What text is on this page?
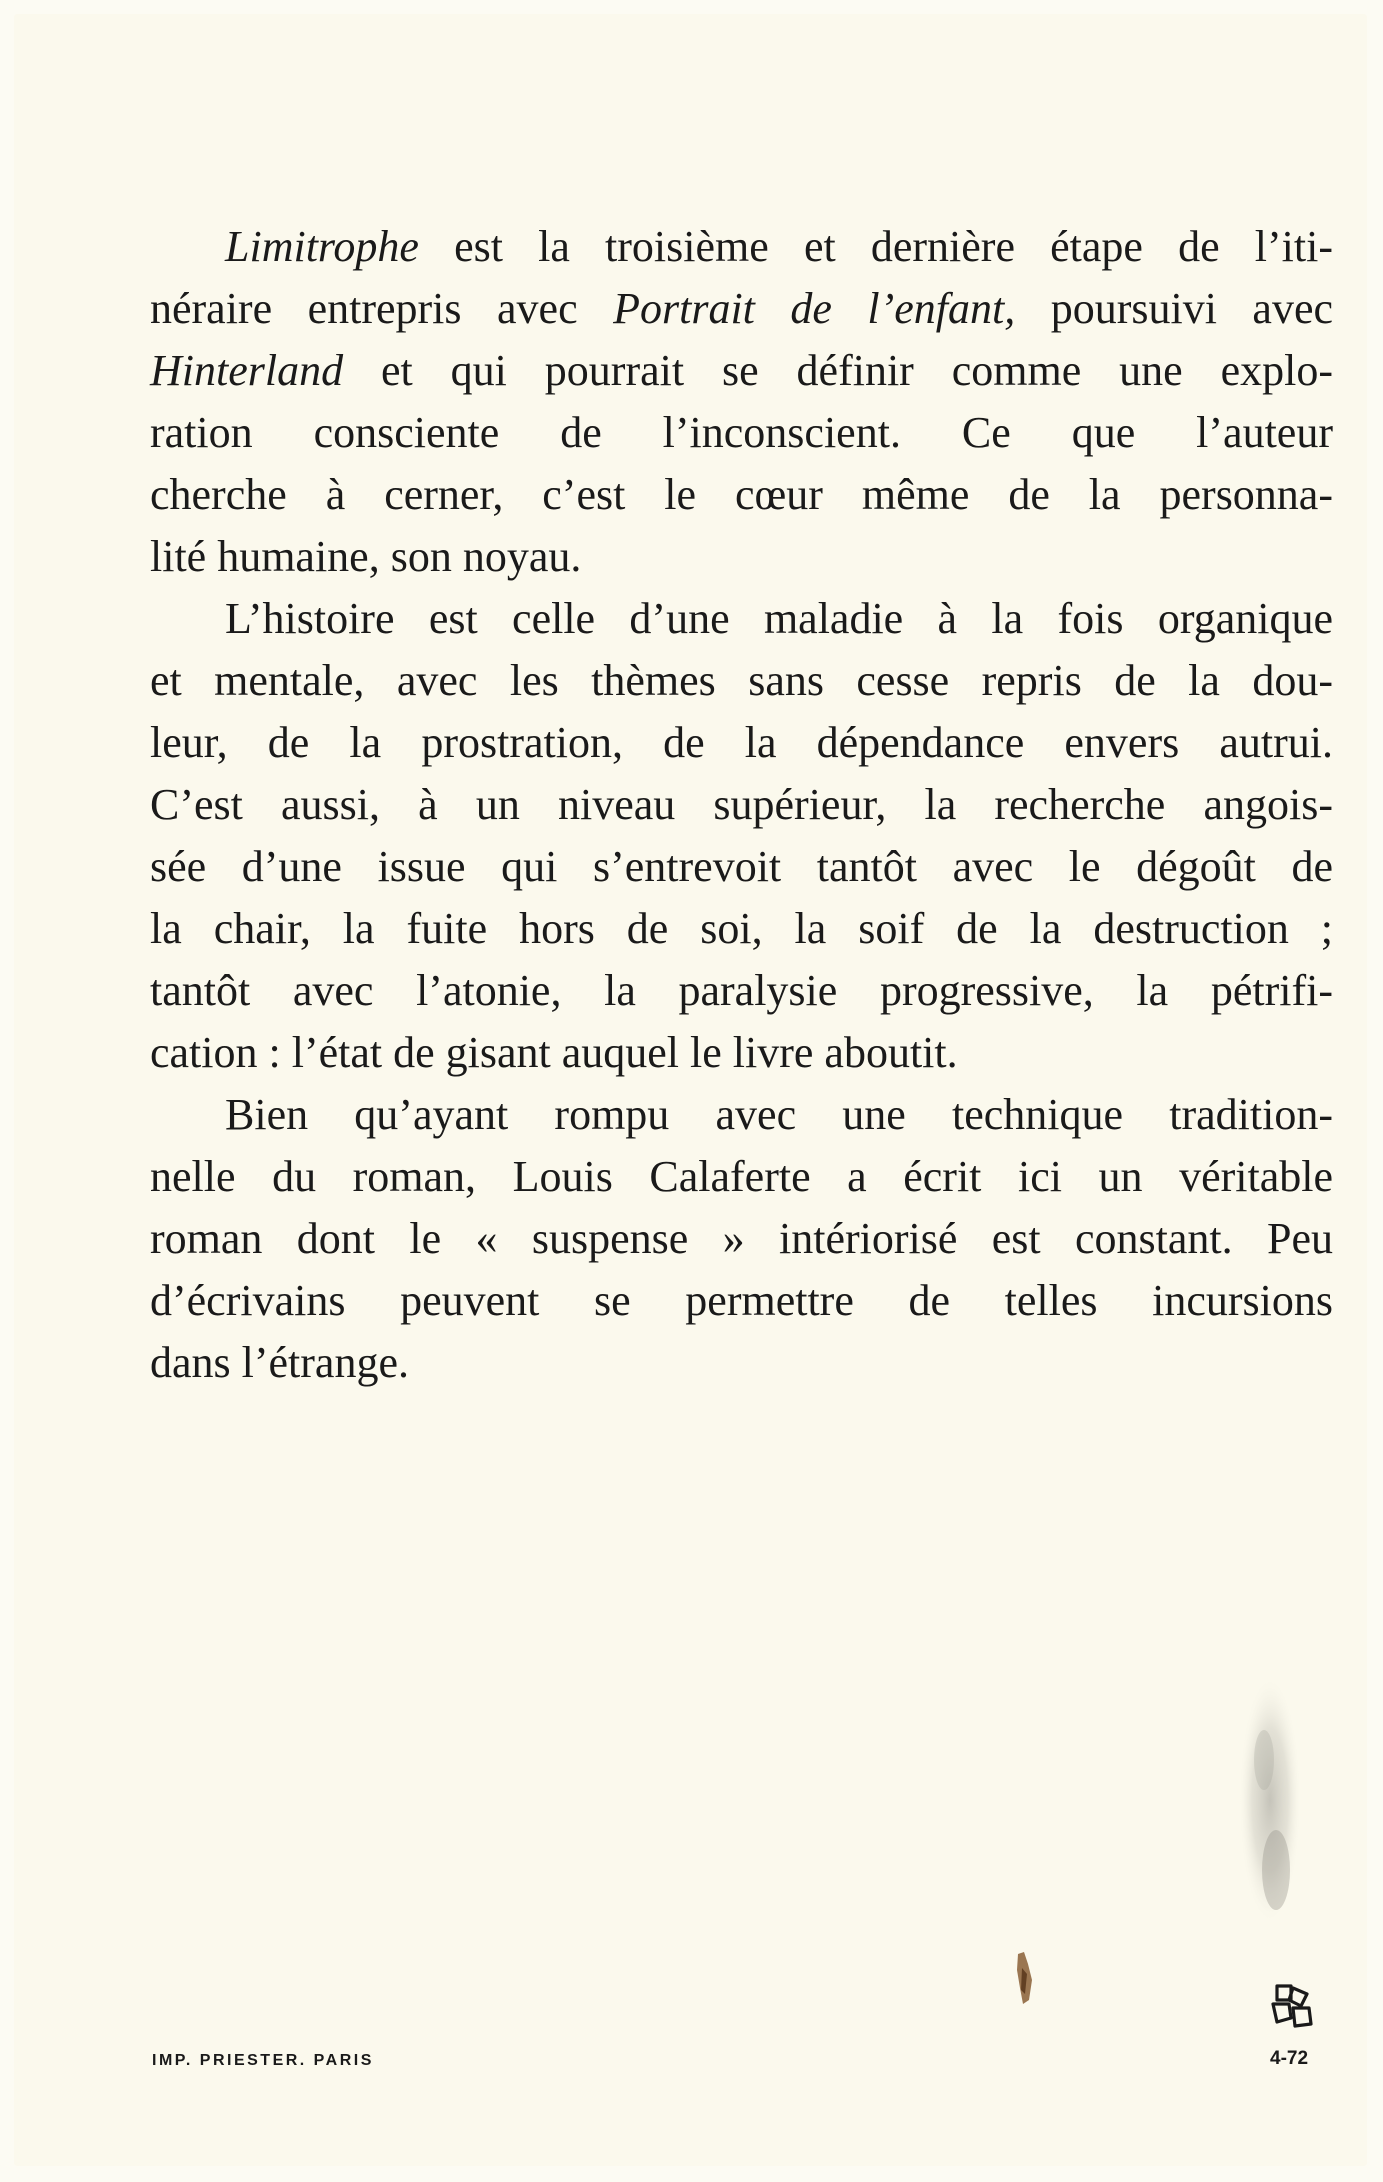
Limitrophe est la troisième et dernière étape de l’iti-
néraire entrepris avec Portrait de l’enfant, poursuivi avec
Hinterland et qui pourrait se définir comme une explo-
ration consciente de l’inconscient. Ce que l’auteur
cherche à cerner, c’est le cœur même de la personna-
lité humaine, son noyau.
L’histoire est celle d’une maladie à la fois organique
et mentale, avec les thèmes sans cesse repris de la dou-
leur, de la prostration, de la dépendance envers autrui.
C’est aussi, à un niveau supérieur, la recherche angois-
sée d’une issue qui s’entrevoit tantôt avec le dégoût de
la chair, la fuite hors de soi, la soif de la destruction ;
tantôt avec l’atonie, la paralysie progressive, la pétrifi-
cation : l’état de gisant auquel le livre aboutit.
Bien qu’ayant rompu avec une technique tradition-
nelle du roman, Louis Calaferte a écrit ici un véritable
roman dont le « suspense » intériorisé est constant. Peu
d’écrivains peuvent se permettre de telles incursions
dans l’étrange.
IMP. PRIESTER. PARIS	4-72
